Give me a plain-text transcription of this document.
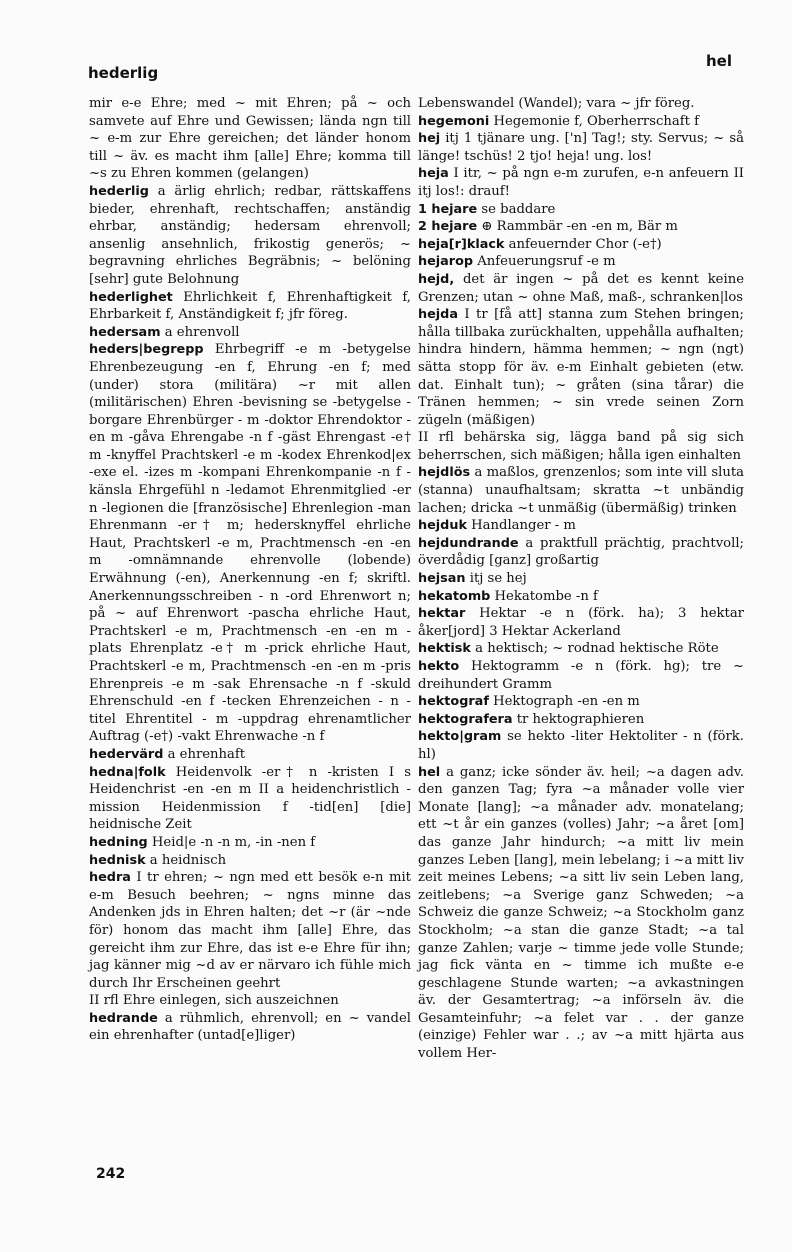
hederlig
hel

mir e-e Ehre; med ~ mit Ehren; på ~ och samvete auf Ehre und Gewissen; lända ngn till ~ e-m zur Ehre gereichen; det länder honom till ~ äv. es macht ihm [alle] Ehre; komma till ~s zu Ehren kommen (gelangen)

hederlig a ärlig ehrlich; redbar, rättskaffens bieder, ehrenhaft, rechtschaffen; anständig ehrbar, anständig; hedersam ehrenvoll; ansenlig ansehnlich, frikostig generös; ~ begravning ehrliches Begräbnis; ~ belöning [sehr] gute Belohnung

hederlighet Ehrlichkeit f, Ehrenhaftigkeit f, Ehrbarkeit f, Anständigkeit f; jfr föreg.

hedersam a ehrenvoll

heders|begrepp Ehrbegriff -e m -betygelse Ehrenbezeugung -en f, Ehrung -en f; med (under) stora (militära) ~r mit allen (militärischen) Ehren -bevisning se -betygelse -borgare Ehrenbürger - m -doktor Ehrendoktor -en m -gåva Ehrengabe -n f -gäst Ehrengast -e† m -knyffel Prachtskerl -e m -kodex Ehrenkod|ex -exe el. -izes m -kompani Ehrenkompanie -n f -känsla Ehrgefühl n -ledamot Ehrenmitglied -er n -legionen die [französische] Ehrenlegion -man Ehrenmann -er† m; hedersknyffel ehrliche Haut, Prachtskerl -e m, Prachtmensch -en -en m -omnämnande ehrenvolle (lobende) Erwähnung (-en), Anerkennung -en f; skriftl. Anerkennungsschreiben - n -ord Ehrenwort n; på ~ auf Ehrenwort -pascha ehrliche Haut, Prachtskerl -e m, Prachtmensch -en -en m -plats Ehrenplatz -e† m -prick ehrliche Haut, Prachtskerl -e m, Prachtmensch -en -en m -pris Ehrenpreis -e m -sak Ehrensache -n f -skuld Ehrenschuld -en f -tecken Ehrenzeichen - n -titel Ehrentitel - m -uppdrag ehrenamtlicher Auftrag (-e†) -vakt Ehrenwache -n f

hedervärd a ehrenhaft

hedna|folk Heidenvolk -er† n -kristen I s Heidenchrist -en -en m II a heidenchristlich -mission Heidenmission f -tid[en] [die] heidnische Zeit

hedning Heid|e -n -n m, -in -nen f

hednisk a heidnisch

hedra I tr ehren; ~ ngn med ett besök e-n mit e-m Besuch beehren; ~ ngns minne das Andenken jds in Ehren halten; det ~r (är ~nde för) honom das macht ihm [alle] Ehre, das gereicht ihm zur Ehre, das ist e-e Ehre für ihn; jag känner mig ~d av er närvaro ich fühle mich durch Ihr Erscheinen geehrt

II rfl Ehre einlegen, sich auszeichnen

hedrande a rühmlich, ehrenvoll; en ~ vandel ein ehrenhafter (untad[e]liger)

Lebenswandel (Wandel); vara ~ jfr föreg.

hegemoni Hegemonie f, Oberherrschaft f

hej itj 1 tjänare ung. ['n] Tag!; sty. Servus; ~ så länge! tschüs! 2 tjo! heja! ung. los!

heja I itr, ~ på ngn e-m zurufen, e-n anfeuern II itj los!: drauf!

1 hejare se baddare

2 hejare ⊕ Rammbär -en -en m, Bär m

heja[r]klack anfeuernder Chor (-e†)

hejarop Anfeuerungsruf -e m

hejd, det är ingen ~ på det es kennt keine Grenzen; utan ~ ohne Maß, maß-, schranken|los

hejda I tr [få att] stanna zum Stehen bringen; hålla tillbaka zurückhalten, uppehålla aufhalten; hindra hindern, hämma hemmen; ~ ngn (ngt) sätta stopp för äv. e-m Einhalt gebieten (etw. dat. Einhalt tun); ~ gråten (sina tårar) die Tränen hemmen; ~ sin vrede seinen Zorn zügeln (mäßigen)

II rfl behärska sig, lägga band på sig sich beherrschen, sich mäßigen; hålla igen einhalten

hejdlös a maßlos, grenzenlos; som inte vill sluta (stanna) unaufhaltsam; skratta ~t unbändig lachen; dricka ~t unmäßig (übermäßig) trinken

hejduk Handlanger - m

hejdundrande a praktfull prächtig, prachtvoll; överdådig [ganz] großartig

hejsan itj se hej

hekatomb Hekatombe -n f

hektar Hektar -e n (förk. ha); 3 hektar åker[jord] 3 Hektar Ackerland

hektisk a hektisch; ~ rodnad hektische Röte

hekto Hektogramm -e n (förk. hg); tre ~ dreihundert Gramm

hektograf Hektograph -en -en m

hektografera tr hektographieren

hekto|gram se hekto -liter Hektoliter - n (förk. hl)

hel a ganz; icke sönder äv. heil; ~a dagen adv. den ganzen Tag; fyra ~a månader volle vier Monate [lang]; ~a månader adv. monatelang; ett ~t år ein ganzes (volles) Jahr; ~a året [om] das ganze Jahr hindurch; ~a mitt liv mein ganzes Leben [lang], mein lebelang; i ~a mitt liv zeit meines Lebens; ~a sitt liv sein Leben lang, zeitlebens; ~a Sverige ganz Schweden; ~a Schweiz die ganze Schweiz; ~a Stockholm ganz Stockholm; ~a stan die ganze Stadt; ~a tal ganze Zahlen; varje ~ timme jede volle Stunde; jag fick vänta en ~ timme ich mußte e-e geschlagene Stunde warten; ~a avkastningen äv. der Gesamtertrag; ~a införseln äv. die Gesamteinfuhr; ~a felet var . . der ganze (einzige) Fehler war . .; av ~a mitt hjärta aus vollem Her-

242
